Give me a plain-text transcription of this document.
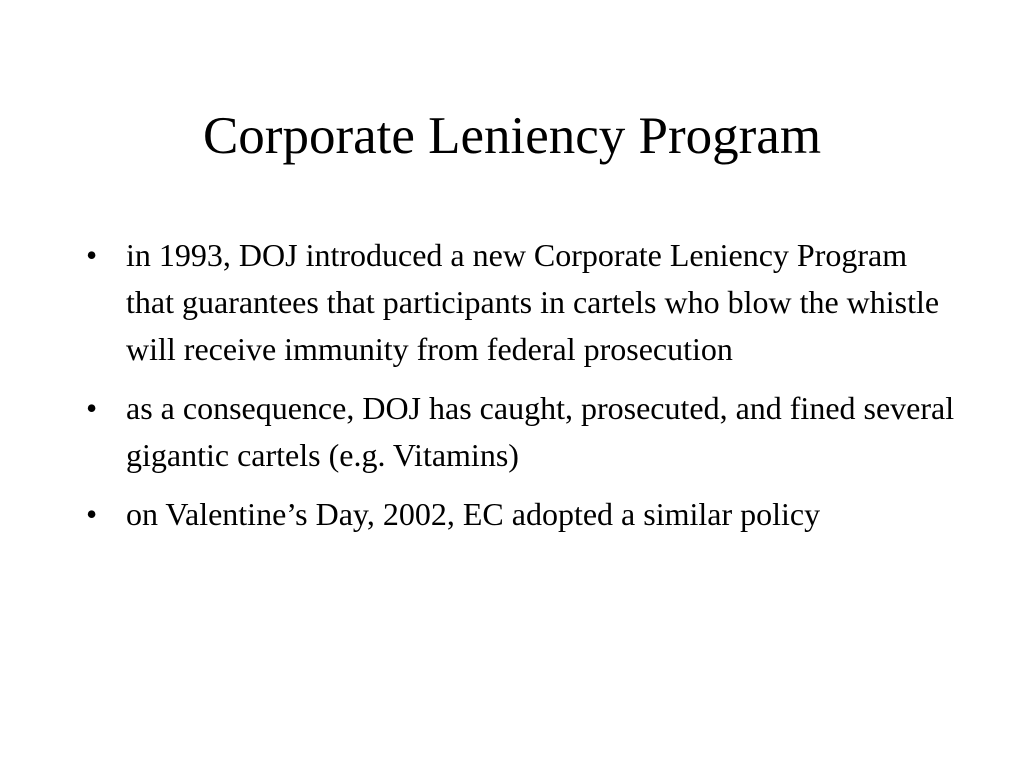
Corporate Leniency Program
• in 1993, DOJ introduced a new Corporate Leniency Program that guarantees that participants in cartels who blow the whistle will receive immunity from federal prosecution
• as a consequence, DOJ has caught, prosecuted, and fined several gigantic cartels (e.g. Vitamins)
• on Valentine’s Day, 2002, EC adopted a similar policy
